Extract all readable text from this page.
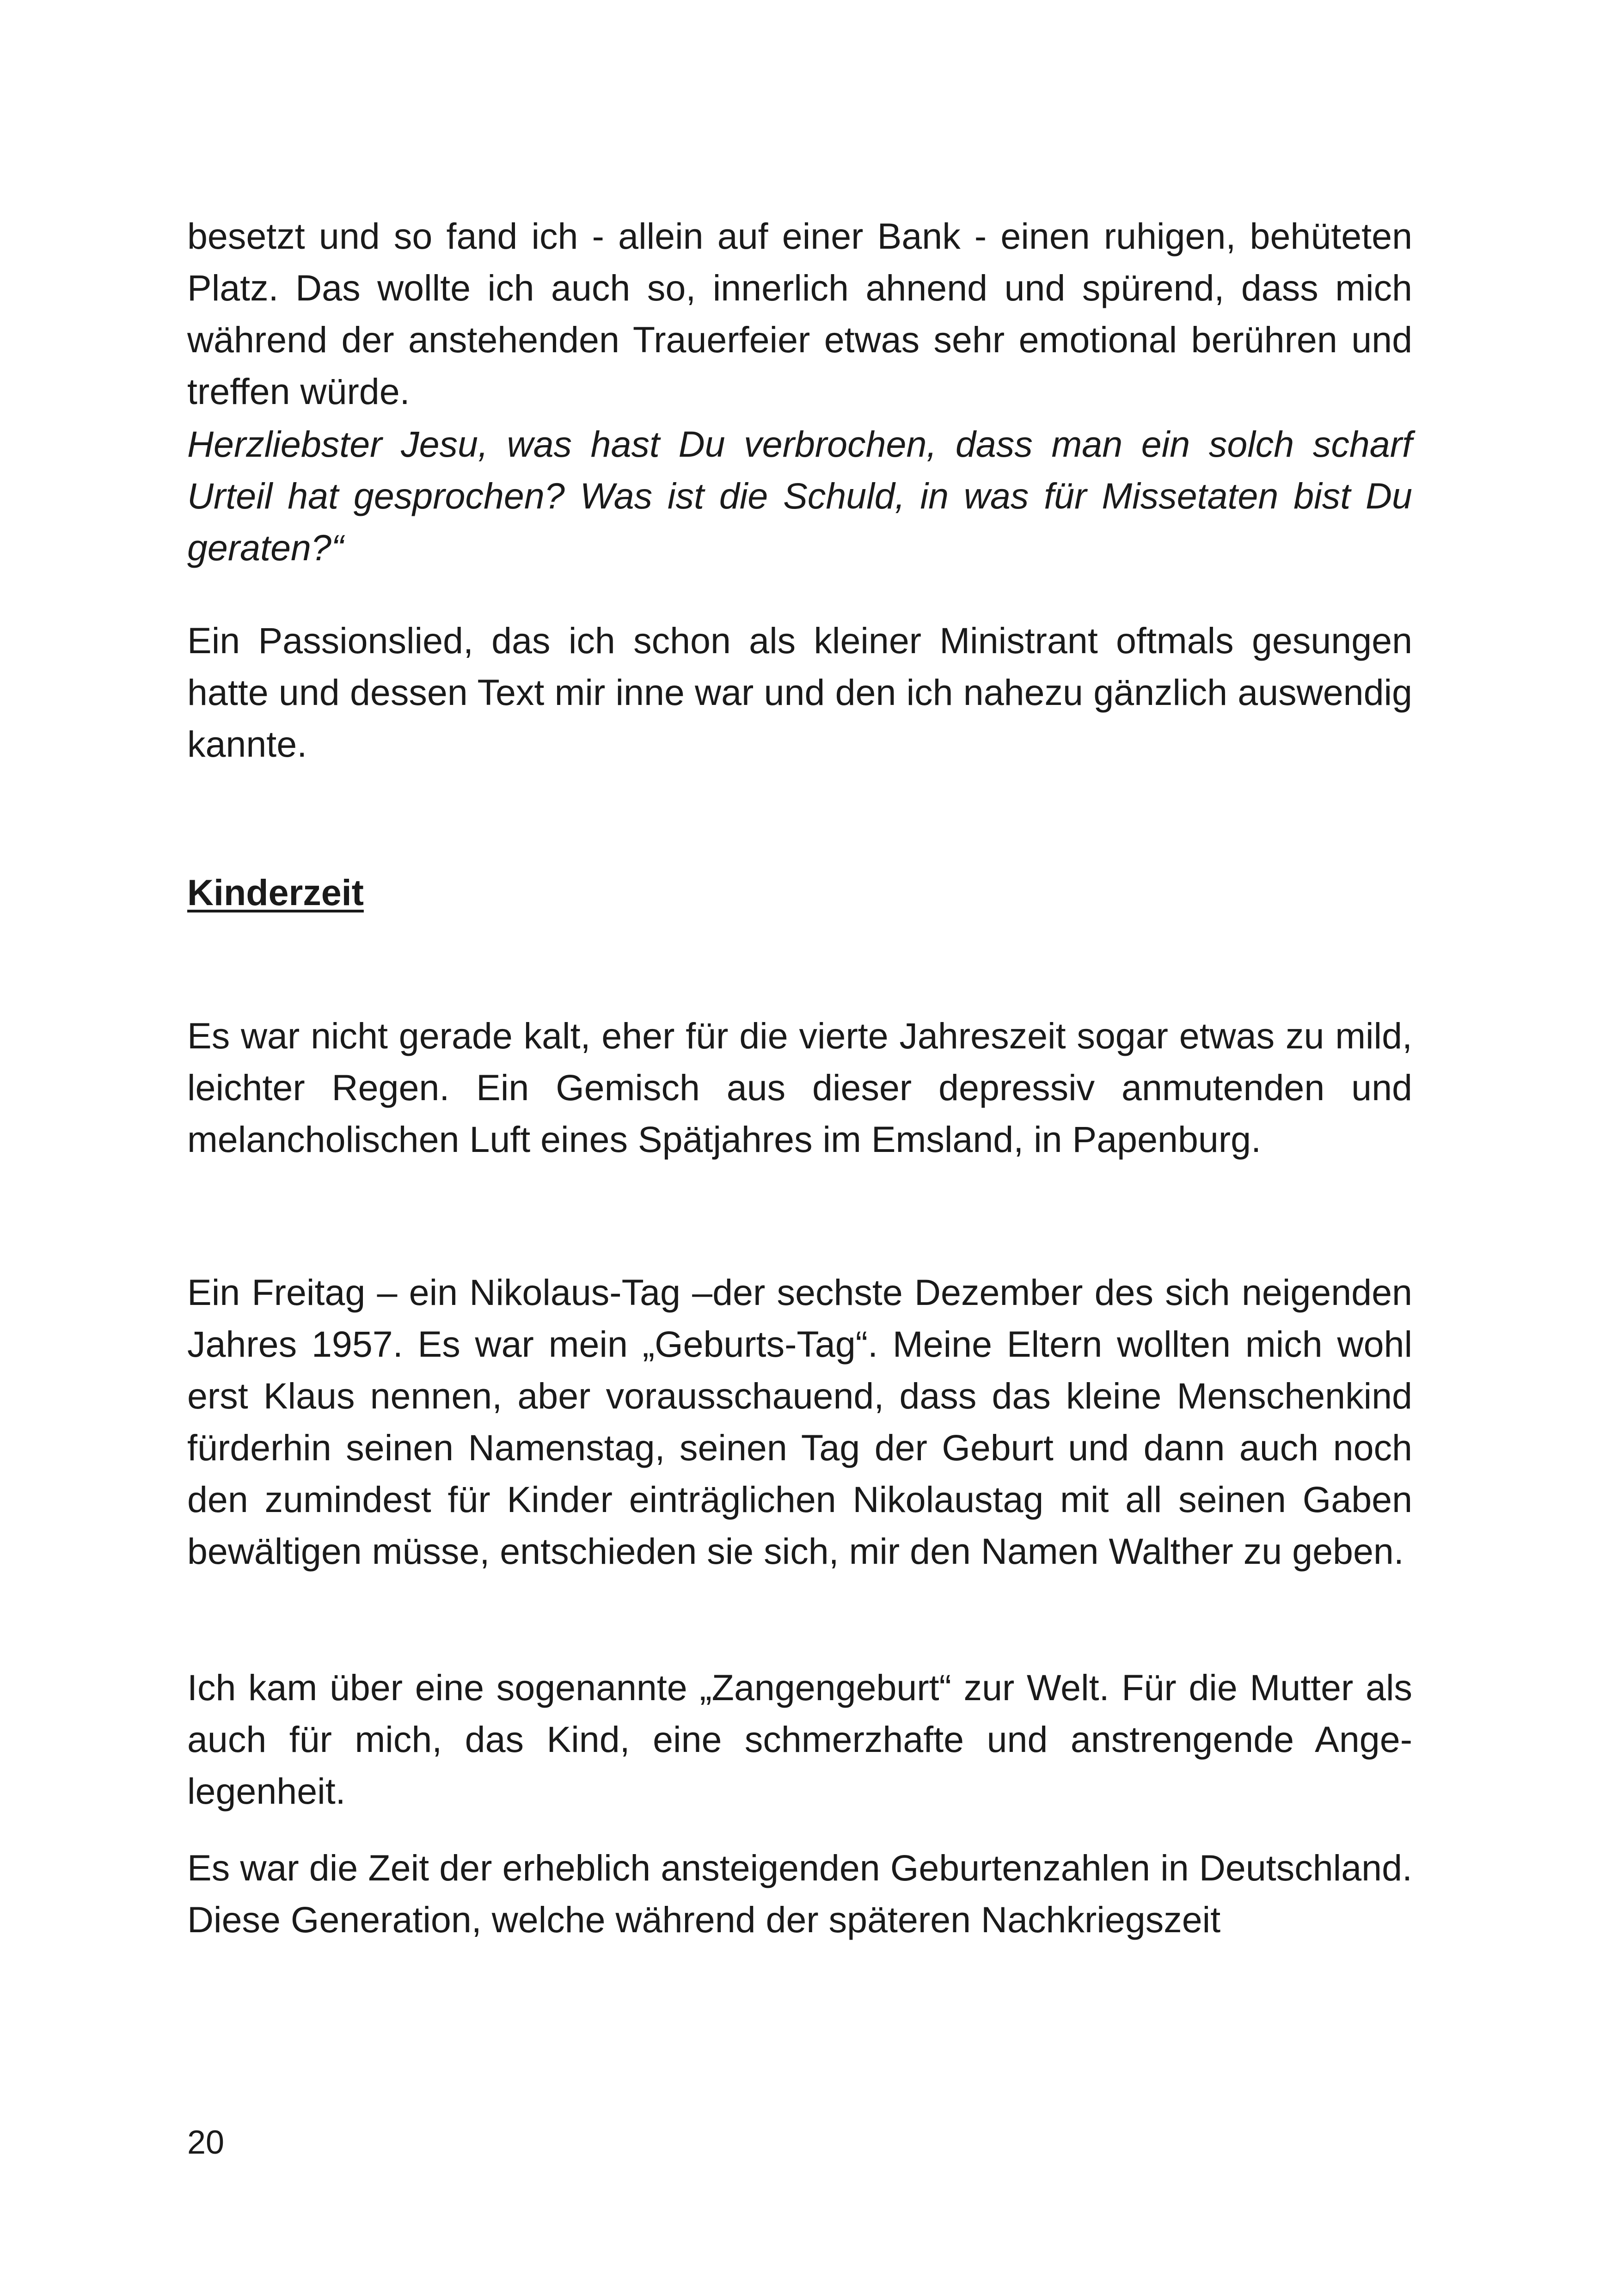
besetzt und so fand ich - allein auf einer Bank - einen ruhigen, behüteten Platz. Das wollte ich auch so, innerlich ahnend und spürend, dass mich während der anstehenden Trauerfeier etwas sehr emotional berühren und treffen würde.

Herzliebster Jesu, was hast Du verbrochen, dass man ein solch scharf Urteil hat gesprochen? Was ist die Schuld, in was für Missetaten bist Du geraten?“

Ein Passionslied, das ich schon als kleiner Ministrant oftmals gesungen hatte und dessen Text mir inne war und den ich nahezu gänzlich auswendig kannte.

Kinderzeit

Es war nicht gerade kalt, eher für die vierte Jahreszeit sogar etwas zu mild, leichter Regen. Ein Gemisch aus dieser depressiv anmutenden und melancholischen Luft eines Spätjahres im Emsland, in Papenburg.

Ein Freitag – ein Nikolaus-Tag –der sechste Dezember des sich neigenden Jahres 1957. Es war mein „Geburts-Tag“. Meine Eltern wollten mich wohl erst Klaus nennen, aber vorausschauend, dass das kleine Menschenkind fürderhin seinen Namenstag, seinen Tag der Geburt und dann auch noch den zumindest für Kinder einträglichen Nikolaustag mit all seinen Gaben bewältigen müsse, entschieden sie sich, mir den Namen Walther zu geben.

Ich kam über eine sogenannte „Zangengeburt“ zur Welt. Für die Mutter als auch für mich, das Kind, eine schmerzhafte und anstrengende Angelegenheit.

Es war die Zeit der erheblich ansteigenden Geburtenzahlen in Deutschland. Diese Generation, welche während der späteren Nachkriegszeit

20
